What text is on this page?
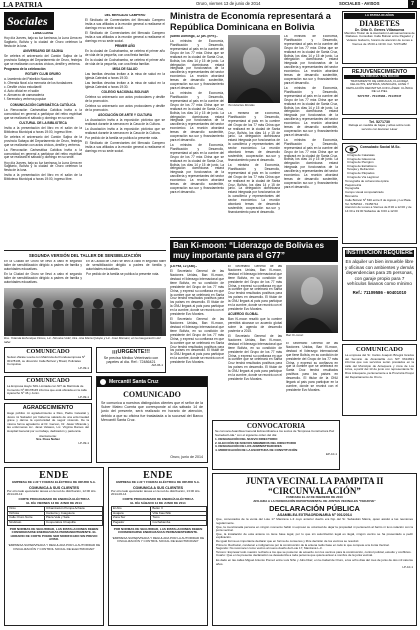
LA PATRIA	Oruro, viernes 13 de junio de 2014	SOCIALES - AVISOS	7
Sociales

LUNA LLENA

Hoy día Jueves, bajo su luz luminosa, la Luna Llena en Sagitario, Bolivia y la ciudad de Oruro celebran la fiesta de la luna.

ANIVERSARIO DE SAJINA

Se celebra el aniversario del Cantón Sajina de la provincia Sabaya del Departamento de Oruro, festejos que se realizarán con actos cívicos, desfile y verbena.

Programa de la celebración

ROTARY CLUB ORURO

a. Izamiento del Pabellón Nacional
b. Ofrenda floral a la memoria de los fundadores
c. Desfile cívico estudiantil
d. Acto oficial en el salón
e. Almuerzo de camaradería
f. Serenata y verbena popular

COMUNICACIÓN CARISMÁTICA CATÓLICA

La Renovación Carismática Católica invita a la comunidad en general a participar del retiro espiritual que se realizará el sábado y domingo en su sede.

CULTURAL DE LA BIBLIOTECA

Invita a la presentación del libro en el salón de la Biblioteca Municipal a horas 19:00, ingreso libre.

Se celebra el aniversario del Cantón Sajina de la provincia Sabaya del Departamento de Oruro, festejos que se realizarán con actos cívicos, desfile y verbena.

La Renovación Carismática Católica invita a la comunidad en general a participar del retiro espiritual que se realizará el sábado y domingo en su sede.

Hoy día Jueves, bajo su luz luminosa, la Luna Llena en Sagitario, Bolivia y la ciudad de Oruro celebran la fiesta de la luna.

Invita a la presentación del libro en el salón de la Biblioteca Municipal a horas 19:00, ingreso libre.

DEL MERCADO CAMPERO

El Sindicato de Comerciantes del Mercado Campero invita a sus afiliados a la reunión general a realizarse el domingo en su sede social.

El Sindicato de Comerciantes del Mercado Campero invita a sus afiliados a la reunión general a realizarse el domingo en su sede social.

PRIMER AÑO

En la ciudad de Cochabamba, se celebra el primer año de vida de la pequeña, con una fiesta familiar.

En la ciudad de Cochabamba, se celebra el primer año de vida de la pequeña, con una fiesta familiar.

MISA DE SALUD

Las familias devotas invitan a la misa de salud en la Iglesia Catedral a horas 19:30.

Las familias devotas invitan a la misa de salud en la Iglesia Catedral a horas 19:30.

COLEGIO NACIONAL BOLIVAR

Celebra su aniversario con actos protocolares y desfile de la promoción.

Celebra su aniversario con actos protocolares y desfile de la promoción.

ASOCIACIÓN DE ARTE Y CULTURA

La Asociación invita a la exposición pictórica que se realizará durante la semana en la Casa de la Cultura.

La Asociación invita a la exposición pictórica que se realizará durante la semana en la Casa de la Cultura.

Por pedido de la familia se publica la presente nota.

El Sindicato de Comerciantes del Mercado Campero invita a sus afiliados a la reunión general a realizarse el domingo en su sede social.

SEGUNDA VERSIÓN DEL TALLER DE SENSIBILIZACIÓN

En la Ciudad de Oruro se llevó a cabo el segundo taller de sensibilización dirigido a padres de familia y autoridades educativas.

En la Ciudad de Oruro se llevó a cabo el segundo taller de sensibilización dirigido a padres de familia y autoridades educativas.

En la Ciudad de Oruro se llevó a cabo el segundo taller de sensibilización dirigido a padres de familia y autoridades educativas.

Por pedido de la familia se publica la presente nota.

Dra. Yolanda Echenique Flores, Lic. Ninoska Veliz, Dra. Ana María Quispe y Lic. José Mamani, en la inauguración del taller.
COMUNICADO
Nelson Zárate Loeza con Matrícula del Fundesempresa Nº 00178136, su dirección Calle Bolívar y Brasil, Policiales Compulsa.
LP-09-1
¡¡¡URGENTE!!!
Se precisa Médico Veterinario con papeles al día. Ref.: 72486421
AM-06-1
COMUNICADO
La Empresa Hayto SRL Limitada con NIT de Matrícula de Comercio Nº 00178145 informa que está ubicada en la calle Ayacucho Nº 46 y Junín.
LP-09-1
AGRADECIMIENTO
Hago público mi agradecimiento a Dios, Padre Celestial y Jesús mi Salvador por haberme salvado de una enfermedad grave y darme la oportunidad de seguir viviendo. De la misma forma agradezco al Dr. Gerson, Dr. Javier Miranda y las enfermeras Lic. Janet Velasco, Lic. Virginia Ramos del Hospital General por su trabajo, dedicación y paciencia.
Atentamente:
Sra. Rosa Nuñez
LP-09-1
Mercantil Santa Cruz
COMUNICADO
Se comunica a nuestros distinguidos clientes que el señor de la Suber Mateo Cuenta que corresponde al día sábado 14 de junio del presente, será realizado en horario de atención, debido a que su oficina fue trasladada a la sucursal del Banco Mercantil Santa Cruz.
Oruro, junio de 2014
ENDE
EMPRESA DE LUZ Y FUERZA ELÉCTRICA DE ORURO S.A.
COMUNICA A SUS CLIENTES
Por otro lado ejecutarán tareas en la red de distribución, 12:00 Hrs. 2014-06-13
CORTE PROGRAMADO DE ENERGÍA ELÉCTRICA
EL DÍA VIERNES 13 DE JUNIO DE 2014
Vinto	Urbanización Pumpa Achieta
Vichota	Cantería y Cuaguiera
Calle Oruro Norte	Plaza Vela y Sala
Sindicato	Cooperativa Chuquilla
POR NORMAS DE SEGURIDAD, LAS INSTALACIONES DEBEN CONSIDERARSE ENERGIZADAS PERMANENTEMENTE. EL HORARIO DE CORTE PUEDE SER MODIFICADO SIN PREVIO AVISO.
“EMPRESA SUPERVISADA Y REGULADA POR LA AUTORIDAD DE FISCALIZACIÓN Y CONTROL SOCIAL DE ELECTRICIDAD”
ENDE
EMPRESA DE LUZ Y FUERZA ELÉCTRICA DE ORURO S.A.
COMUNICA A SUS CLIENTES
Por otro lado ejecutarán tareas en la red de distribución, 13:00 Hrs. 2014-06-14
CORTE PROGRAMADO DE ENERGÍA ELÉCTRICA
EL DÍA SÁBADO 14 DE JUNIO DE 2014
El Alto	Belén II
Huajara	Villa Kauchillo
Zona Sur	Toms
Pagador	Cochabamba
POR NORMAS DE SEGURIDAD, LAS INSTALACIONES DEBEN CONSIDERARSE ENERGIZADAS PERMANENTEMENTE.
“EMPRESA SUPERVISADA Y REGULADA POR LA AUTORIDAD DE FISCALIZACIÓN Y CONTROL SOCIAL DE ELECTRICIDAD”
Ministra de Economía representará a República Dominicana en Bolivia

(Santo Domingo, 12 jun. (EFE).-

La ministra de Economía, Planificación y Desarrollo, representará al país en la cumbre del Grupo de los 77 más China que se realizará en la ciudad de Santa Cruz, Bolivia, los días 14 y 15 de junio. La delegación dominicana estará integrada por funcionarios de la cancillería y representantes del sector económico. La reunión abordará temas de desarrollo sostenible, cooperación sur-sur y financiamiento para el desarrollo.

La ministra de Economía, Planificación y Desarrollo, representará al país en la cumbre del Grupo de los 77 más China que se realizará en la ciudad de Santa Cruz, Bolivia, los días 14 y 15 de junio. La delegación dominicana estará integrada por funcionarios de la cancillería y representantes del sector económico. La reunión abordará temas de desarrollo sostenible, cooperación sur-sur y financiamiento para el desarrollo.

La ministra de Economía, Planificación y Desarrollo, representará al país en la cumbre del Grupo de los 77 más China que se realizará en la ciudad de Santa Cruz, Bolivia, los días 14 y 15 de junio. La delegación dominicana estará integrada por funcionarios de la cancillería y representantes del sector económico. La reunión abordará temas de desarrollo sostenible, cooperación sur-sur y financiamiento para el desarrollo.

Temístocles Montás

La ministra de Economía, Planificación y Desarrollo, representará al país en la cumbre del Grupo de los 77 más China que se realizará en la ciudad de Santa Cruz, Bolivia, los días 14 y 15 de junio. La delegación dominicana estará integrada por funcionarios de la cancillería y representantes del sector económico. La reunión abordará temas de desarrollo sostenible, cooperación sur-sur y financiamiento para el desarrollo.

La ministra de Economía, Planificación y Desarrollo, representará al país en la cumbre del Grupo de los 77 más China que se realizará en la ciudad de Santa Cruz, Bolivia, los días 14 y 15 de junio. La delegación dominicana estará integrada por funcionarios de la cancillería y representantes del sector económico. La reunión abordará temas de desarrollo sostenible, cooperación sur-sur y financiamiento para el desarrollo.

La ministra de Economía, Planificación y Desarrollo, representará al país en la cumbre del Grupo de los 77 más China que se realizará en la ciudad de Santa Cruz, Bolivia, los días 14 y 15 de junio. La delegación dominicana estará integrada por funcionarios de la cancillería y representantes del sector económico. La reunión abordará temas de desarrollo sostenible, cooperación sur-sur y financiamiento para el desarrollo.

La ministra de Economía, Planificación y Desarrollo, representará al país en la cumbre del Grupo de los 77 más China que se realizará en la ciudad de Santa Cruz, Bolivia, los días 14 y 15 de junio. La delegación dominicana estará integrada por funcionarios de la cancillería y representantes del sector económico. La reunión abordará temas de desarrollo sostenible, cooperación sur-sur y financiamiento para el desarrollo.

La ministra de Economía, Planificación y Desarrollo, representará al país en la cumbre del Grupo de los 77 más China que se realizará en la ciudad de Santa Cruz, Bolivia, los días 14 y 15 de junio. La delegación dominicana estará integrada por funcionarios de la cancillería y representantes del sector económico. La reunión abordará temas de desarrollo sostenible, cooperación sur-sur y financiamiento para el desarrollo.

Ban Ki-moon: “Liderazgo de Bolivia es muy importante para el G77”

(La Paz, 12 (ABI).-

El Secretario General de las Naciones Unidas, Ban Ki-moon, destacó el liderazgo internacional que tiene Bolivia, en su condición de presidente del Grupo de los 77 más China, y expresó su confianza en que la cumbre que se celebrará en Santa Cruz tendrá resultados positivos para los países en desarrollo. El titular de la ONU llegará al país para participar en la cumbre, donde se reunirá con el presidente Evo Morales.

El Secretario General de las Naciones Unidas, Ban Ki-moon, destacó el liderazgo internacional que tiene Bolivia, en su condición de presidente del Grupo de los 77 más China, y expresó su confianza en que la cumbre que se celebrará en Santa Cruz tendrá resultados positivos para los países en desarrollo. El titular de la ONU llegará al país para participar en la cumbre, donde se reunirá con el presidente Evo Morales.

El Secretario General de las Naciones Unidas, Ban Ki-moon, destacó el liderazgo internacional que tiene Bolivia, en su condición de presidente del Grupo de los 77 más China, y expresó su confianza en que la cumbre que se celebrará en Santa Cruz tendrá resultados positivos para los países en desarrollo. El titular de la ONU llegará al país para participar en la cumbre, donde se reunirá con el presidente Evo Morales.

ACUERDO GLOBAL

Ban Ki-moon resaltó que la cumbre permitirá alcanzar un acuerdo global sobre la agenda de desarrollo posterior a 2015.

El Secretario General de las Naciones Unidas, Ban Ki-moon, destacó el liderazgo internacional que tiene Bolivia, en su condición de presidente del Grupo de los 77 más China, y expresó su confianza en que la cumbre que se celebrará en Santa Cruz tendrá resultados positivos para los países en desarrollo. El titular de la ONU llegará al país para participar en la cumbre, donde se reunirá con el presidente Evo Morales.

Ban Ki-moon

El Secretario General de las Naciones Unidas, Ban Ki-moon, destacó el liderazgo internacional que tiene Bolivia, en su condición de presidente del Grupo de los 77 más China, y expresó su confianza en que la cumbre que se celebrará en Santa Cruz tendrá resultados positivos para los países en desarrollo. El titular de la ONU llegará al país para participar en la cumbre, donde se reunirá con el presidente Evo Morales.

CONVOCATORIA
Se convoca Asamblea General Extraordinaria a los socios de "Empresa Constructora Paz Sociedad Ltda." con el siguiente orden del día:
1. DESIGNACIÓN DEL NUEVO DIRECTORIO
2. ELECCIÓN DE NUEVOS MIEMBROS DEL DIRECTORIO
3. DESIGNACIÓN DE LOS ADMINISTRADORES
4. MODIFICACIÓN DE LA ESCRITURA DE CONSTITUCIÓN
EP-10-1
LA PATRIA 80 AÑOS
DIABETES
Dr. Otto G. Gerres Villanueva
Miembro Titular de la Asociación Latinoamericana de Diabetes. Consultas: Calle Bolívar entre Pagador y Velasco Galvarro, horario de atención de Lunes a Viernes de 15:00 a 19:30. Cel. 72371282
REJUVENECIMIENTO
SIN CIRUGÍA Y SIN DOLOR
TRATAMIENTO DE ARRUGAS, FLACIDEZ, CELULITIS, ESTRÍAS, MANCHAS, ACNÉ Y DEPILACIÓN DEFINITIVA CON LÁSER. CLÍNICA DE LA PIEL
5271767 - 70147984 - 70147647
Tel. 5271730
Rebaja en medida de bajas y alzas sobre todo servicio con Escáner Láser
Consulado Social M.Sc.
Cirugía de Cataratas
Cirugía de Glaucoma
Cirugía de Pterigión
Cirugía de Estrabismo
Terapia y Refracción
Cirugía de Párpados
Cirugía de Vía Lagrimal
Tomografía de coherencia óptica
Paquimetría
Topografía
Campo visual computarizado
Biometría
Calle Bolívar Nº 630 entre 6 de Agosto y La Plata. Tel. 5252510 - 72456712
Atención de Lunes a Viernes de 8:30 a 12:00 y de 14:30 a 19:00 Sábados de 9:00 a 12:00
INSTITUCIÓN REQUIERE
En alquiler un bien inmueble libre y oficinas con ambientes y demás dependencias para 25 personas, con garaje propio para 7 vehículos livianos como mínimo
Ref.: 71109586 - 60401010
COMUNICADO
La empresa del Sr. Carlos Joaquín Briegrá Grados del Servicio de Alcantarilla con NIT 6614821 informa que sus servicios serán prestados en la calle del Municipio de Antequera y zona de Los Lirios, a partir del 13 de junio con representante Sr. Ríos Antequera, perteneciente a la Provincia Poopó del Departamento de Oruro.
JUNTA VECINAL LA PAMPITA II “CIRCUNVALACIÓN”
FUNDADA EL 22 DE FEBRERO DE 2010
AFILIADA A LA FEDERACIÓN DEPARTAMENTAL DE JUNTAS VECINALES “FEDJUVE”
DECLARACIÓN PÚBLICA
ASAMBLEA EXTRAORDINARIA Nº 001/2014
Que, convocados de la venta del Lote 17 Manzana L-3 cuyo anterior dueño era hijo del Sr. Sebastián Marca, quien asistió a las reuniones regularmente.
Que, la mencionada persona en ningún momento habló ni expresó su voluntad de dejar la propiedad ni perteneció al barrio ni tuvo relación con la junta vecinal.
Que, la instalación de esta antena no tiene base legal, por lo que sin autorización legal es ilegal, ningún vecino se ha presentado a pedir explicación.
De igual forma es importante declarar que en forma de consenso y libre decisión de los vecinos se resolvió:
Primero: Rechazar, condenar e indignarnos por la construcción de la antena radio base en todo lo que compete a la Junta Vecinal.
Segundo: No reconocer como vecino al nuevo dueño del Lote 17, Manzana L-3.
Tercero: Expresar todo nuestro rechazo a los que se pusieron de acuerdo con los vecinos para la construcción, control policial, estudio y conflictos.
Cuarto: Que en la presente declaración se desautoriza a toda persona que quiera actuar a nombre de la junta vecinal.
Es dado en las calles Miguel Antonio Pomez entre Luis Niño y Julio Díaz, en la ciudad de Oruro, a los ocho días del mes de junio de dos mil catorce años.
LP-10-1
